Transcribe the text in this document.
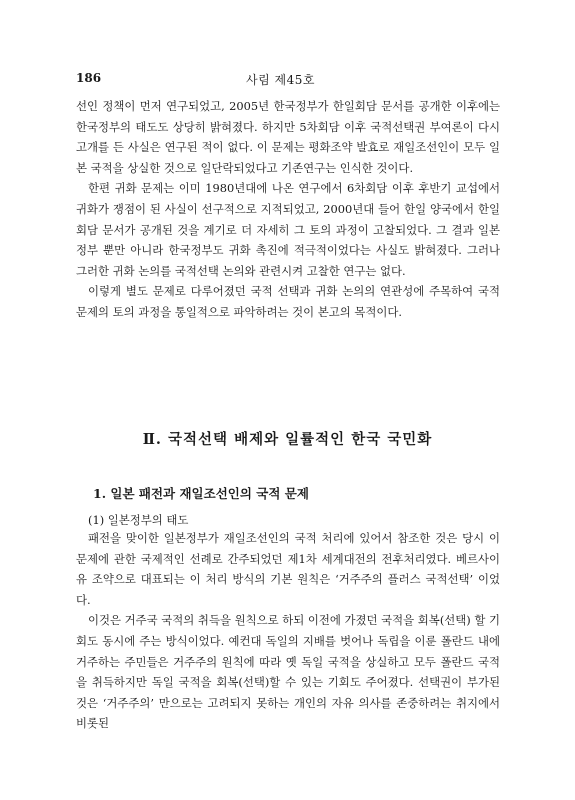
186	사림 제45호

선인 정책이 먼저 연구되었고, 2005년 한국정부가 한일회담 문서를 공개한 이후에는 한국정부의 태도도 상당히 밝혀졌다. 하지만 5차회담 이후 국적선택권 부여론이 다시 고개를 든 사실은 연구된 적이 없다. 이 문제는 평화조약 발효로 재일조선인이 모두 일본 국적을 상실한 것으로 일단락되었다고 기존연구는 인식한 것이다.

한편 귀화 문제는 이미 1980년대에 나온 연구에서 6차회담 이후 후반기 교섭에서 귀화가 쟁점이 된 사실이 선구적으로 지적되었고, 2000년대 들어 한일 양국에서 한일회담 문서가 공개된 것을 계기로 더 자세히 그 토의 과정이 고찰되었다. 그 결과 일본정부 뿐만 아니라 한국정부도 귀화 촉진에 적극적이었다는 사실도 밝혀졌다. 그러나 그러한 귀화 논의를 국적선택 논의와 관련시켜 고찰한 연구는 없다.

이렇게 별도 문제로 다루어졌던 국적 선택과 귀화 논의의 연관성에 주목하여 국적 문제의 토의 과정을 통일적으로 파악하려는 것이 본고의 목적이다.

Ⅱ. 국적선택 배제와 일률적인 한국 국민화
1. 일본 패전과 재일조선인의 국적 문제
(1) 일본정부의 태도

패전을 맞이한 일본정부가 재일조선인의 국적 처리에 있어서 참조한 것은 당시 이 문제에 관한 국제적인 선례로 간주되었던 제1차 세계대전의 전후처리였다. 베르사이유 조약으로 대표되는 이 처리 방식의 기본 원칙은 ‘거주주의 플러스 국적선택’ 이었다.

이것은 거주국 국적의 취득을 원칙으로 하되 이전에 가졌던 국적을 회복(선택) 할 기회도 동시에 주는 방식이었다. 예컨대 독일의 지배를 벗어나 독립을 이룬 폴란드 내에 거주하는 주민들은 거주주의 원칙에 따라 옛 독일 국적을 상실하고 모두 폴란드 국적을 취득하지만 독일 국적을 회복(선택)할 수 있는 기회도 주어졌다. 선택권이 부가된 것은 ‘거주주의’ 만으로는 고려되지 못하는 개인의 자유 의사를 존중하려는 취지에서 비롯된
